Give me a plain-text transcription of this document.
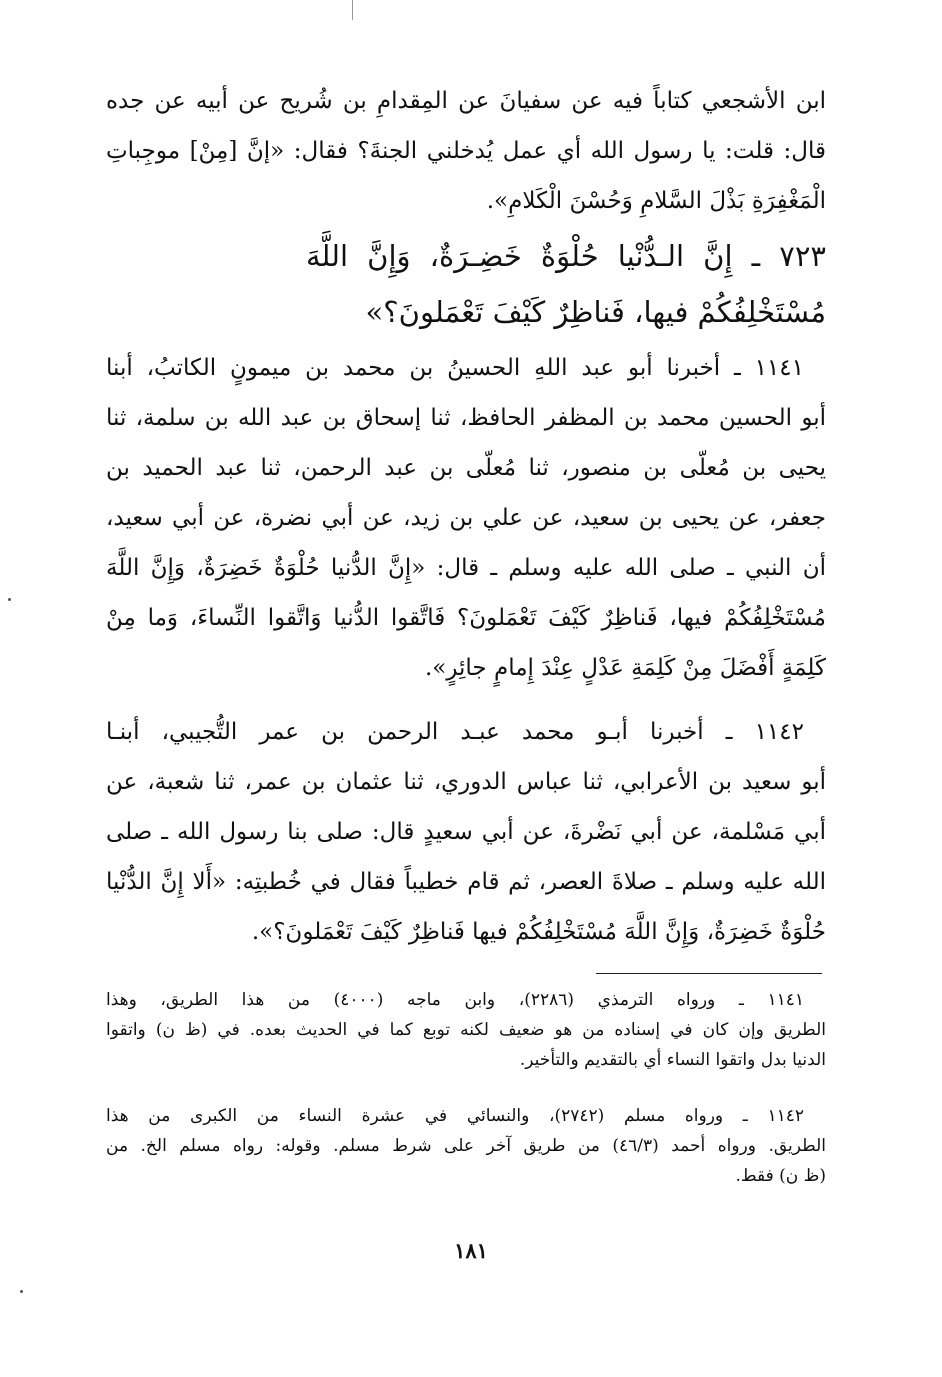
ابن الأشجعي كتاباً فيه عن سفيانَ عن المِقدامِ بن شُريح عن أبيه عن جده
قال: قلت: يا رسول الله أي عمل يُدخلني الجنةَ؟ فقال: «إنَّ [مِنْ] موجِباتِ
الْمَغْفِرَةِ بَذْلَ السَّلامِ وَحُسْنَ الْكَلامِ».
٧٢٣ ـ إِنَّ الـدُّنْيا حُلْوَةٌ خَضِـرَةٌ، وَإِنَّ اللَّهَ
مُسْتَخْلِفُكُمْ فيها، فَناظِرٌ كَيْفَ تَعْمَلونَ؟»
١١٤١ ـ أخبرنا أبو عبد اللهِ الحسينُ بن محمد بن ميمونٍ الكاتبُ، أبنا
أبو الحسين محمد بن المظفر الحافظ، ثنا إسحاق بن عبد الله بن سلمة، ثنا
يحيى بن مُعلّى بن منصور، ثنا مُعلّى بن عبد الرحمن، ثنا عبد الحميد بن
جعفر، عن يحيى بن سعيد، عن علي بن زيد، عن أبي نضرة، عن أبي سعيد،
أن النبي ـ صلى الله عليه وسلم ـ قال: «إِنَّ الدُّنيا حُلْوَةٌ خَضِرَةٌ، وَإِنَّ اللَّهَ
مُسْتَخْلِفُكُمْ فيها، فَناظِرٌ كَيْفَ تَعْمَلونَ؟ فَاتَّقوا الدُّنيا وَاتَّقوا النِّساءَ، وَما مِنْ
كَلِمَةٍ أَفْضَلَ مِنْ كَلِمَةِ عَدْلٍ عِنْدَ إِمامٍ جائِرٍ».
١١٤٢ ـ أخبرنا أبـو محمد عبـد الرحمن بن عمر التُّجيبي، أبنـا
أبو سعيد بن الأعرابي، ثنا عباس الدوري، ثنا عثمان بن عمر، ثنا شعبة، عن
أبي مَسْلمة، عن أبي نَضْرةَ، عن أبي سعيدٍ قال: صلى بنا رسول الله ـ صلى
الله عليه وسلم ـ صلاةَ العصر، ثم قام خطيباً فقال في خُطبتِه: «أَلا إِنَّ الدُّنْيا
حُلْوَةٌ خَضِرَةٌ، وَإِنَّ اللَّهَ مُسْتَخْلِفُكُمْ فيها فَناظِرٌ كَيْفَ تَعْمَلونَ؟».
١١٤١ ـ ورواه الترمذي (٢٢٨٦)، وابن ماجه (٤٠٠٠) من هذا الطريق، وهذا
الطريق وإن كان في إسناده من هو ضعيف لكنه توبع كما في الحديث بعده. في (ظ ن) واتقوا
الدنيا بدل واتقوا النساء أي بالتقديم والتأخير.
١١٤٢ ـ ورواه مسلم (٢٧٤٢)، والنسائي في عشرة النساء من الكبرى من هذا
الطريق. ورواه أحمد (٤٦/٣) من طريق آخر على شرط مسلم. وقوله: رواه مسلم الخ. من
(ظ ن) فقط.
١٨١
